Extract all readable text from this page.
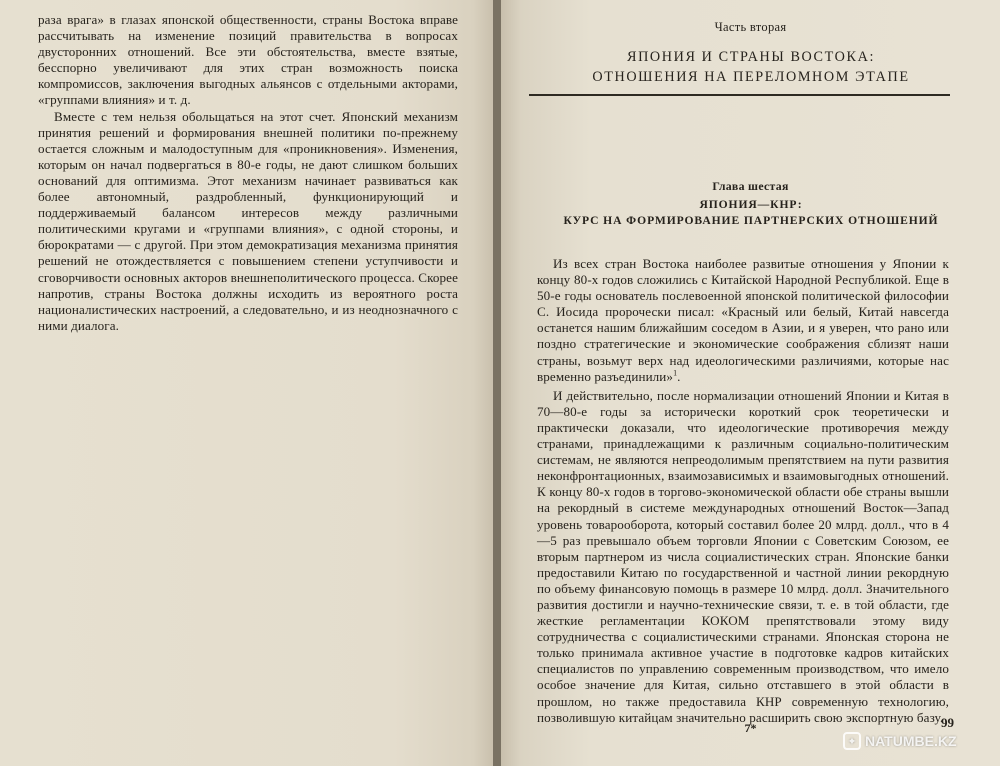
раза врага» в глазах японской общественности, страны Востока вправе рассчитывать на изменение позиций правительства в вопросах двусторонних отношений. Все эти обстоятельства, вместе взятые, бесспорно увеличивают для этих стран возможность поиска компромиссов, заключения выгодных альянсов с отдельными акторами, «группами влияния» и т. д.

Вместе с тем нельзя обольщаться на этот счет. Японский механизм принятия решений и формирования внешней политики по-прежнему остается сложным и малодоступным для «проникновения». Изменения, которым он начал подвергаться в 80-е годы, не дают слишком больших оснований для оптимизма. Этот механизм начинает развиваться как более автономный, раздробленный, функционирующий и поддерживаемый балансом интересов между различными политическими кругами и «группами влияния», с одной стороны, и бюрократами — с другой. При этом демократизация механизма принятия решений не отождествляется с повышением степени уступчивости и сговорчивости основных акторов внешнеполитического процесса. Скорее напротив, страны Востока должны исходить из вероятного роста националистических настроений, а следовательно, и из неоднозначного с ними диалога.

Часть вторая
ЯПОНИЯ И СТРАНЫ ВОСТОКА:
ОТНОШЕНИЯ НА ПЕРЕЛОМНОМ ЭТАПЕ
Глава шестая
ЯПОНИЯ—КНР:
КУРС НА ФОРМИРОВАНИЕ ПАРТНЕРСКИХ ОТНОШЕНИЙ

Из всех стран Востока наиболее развитые отношения у Японии к концу 80-х годов сложились с Китайской Народной Республикой. Еще в 50-е годы основатель послевоенной японской политической философии С. Иосида пророчески писал: «Красный или белый, Китай навсегда останется нашим ближайшим соседом в Азии, и я уверен, что рано или поздно стратегические и экономические соображения сблизят наши страны, возьмут верх над идеологическими различиями, которые нас временно разъединили»$^1$.

И действительно, после нормализации отношений Японии и Китая в 70—80-е годы за исторически короткий срок теоретически и практически доказали, что идеологические противоречия между странами, принадлежащими к различным социально-политическим системам, не являются непреодолимым препятствием на пути развития неконфронтационных, взаимозависимых и взаимовыгодных отношений. К концу 80-х годов в торгово-экономической области обе страны вышли на рекордный в системе международных отношений Восток—Запад уровень товарооборота, который составил более 20 млрд. долл., что в 4—5 раз превышало объем торговли Японии с Советским Союзом, ее вторым партнером из числа социалистических стран. Японские банки предоставили Китаю по государственной и частной линии рекордную по объему финансовую помощь в размере 10 млрд. долл. Значительного развития достигли и научно-технические связи, т. е. в той области, где жесткие регламентации КОКОМ препятствовали этому виду сотрудничества с социалистическими странами. Японская сторона не только принимала активное участие в подготовке кадров китайских специалистов по управлению современным производством, что имело особое значение для Китая, сильно отставшего в этой области в прошлом, но также предоставила КНР современную технологию, позволившую китайцам значительно расширить свою экспортную базу.

7*	99
✦ NATUMBE.KZ
